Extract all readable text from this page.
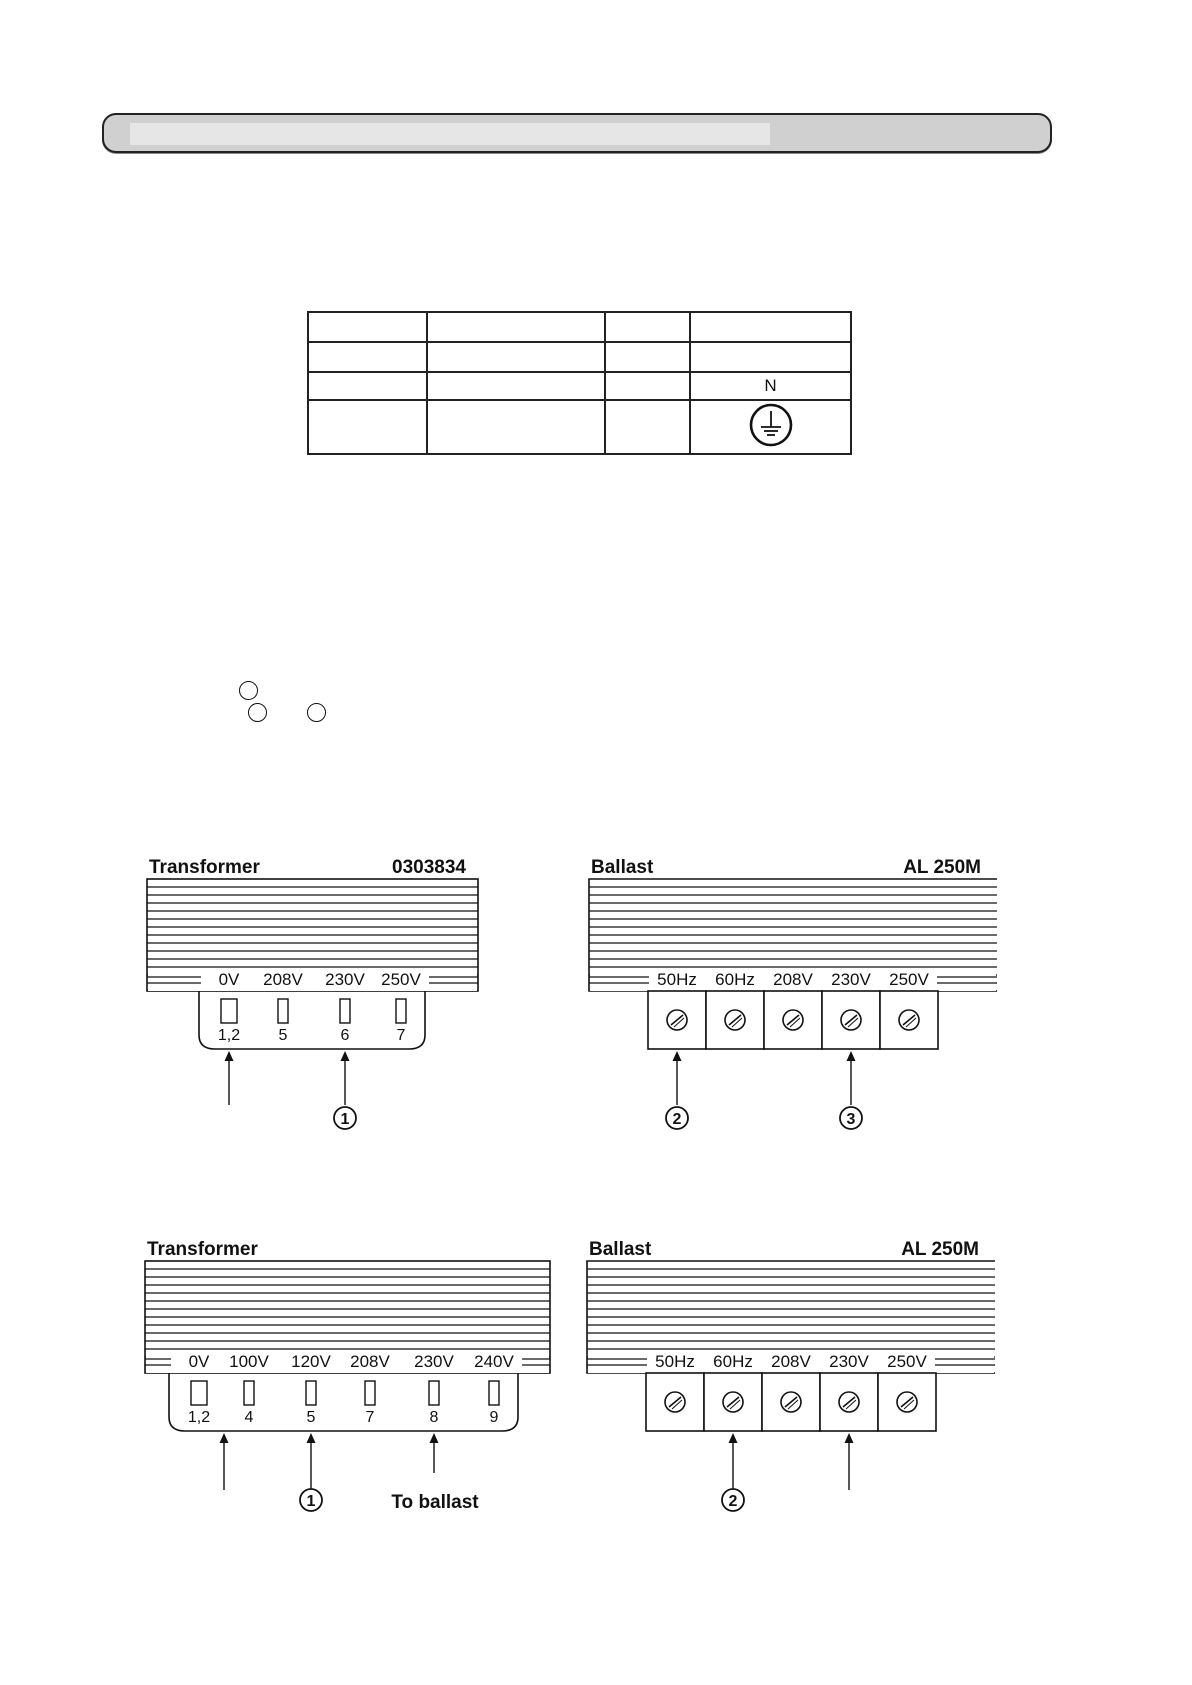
			N

Transformer	0303834
0V 208V 230V 250V
1,2 5	6	7
1
Ballast	AL 250M
50Hz 60Hz 208V 230V 250V
2	3
Transformer
0V 100V 120V 208V 230V 240V
1,2 4	5	7	8	9
1	To ballast
Ballast	AL 250M
50Hz 60Hz 208V 230V 250V
2
